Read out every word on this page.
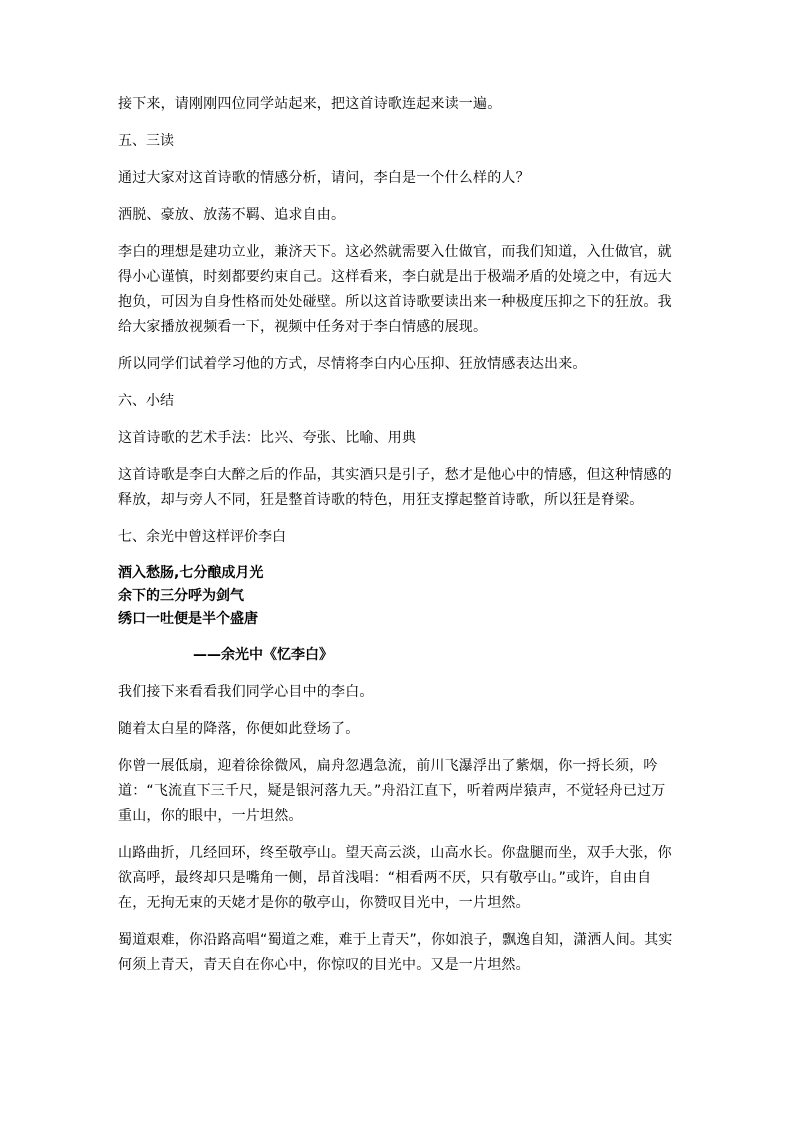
接下来，请刚刚四位同学站起来，把这首诗歌连起来读一遍。

五、三读

通过大家对这首诗歌的情感分析，请问，李白是一个什么样的人？

洒脱、豪放、放荡不羁、追求自由。

李白的理想是建功立业，兼济天下。这必然就需要入仕做官，而我们知道，入仕做官，就得小心谨慎，时刻都要约束自己。这样看来，李白就是出于极端矛盾的处境之中，有远大抱负，可因为自身性格而处处碰壁。所以这首诗歌要读出来一种极度压抑之下的狂放。我给大家播放视频看一下，视频中任务对于李白情感的展现。

所以同学们试着学习他的方式，尽情将李白内心压抑、狂放情感表达出来。

六、小结

这首诗歌的艺术手法：比兴、夸张、比喻、用典

这首诗歌是李白大醉之后的作品，其实酒只是引子，愁才是他心中的情感，但这种情感的释放，却与旁人不同，狂是整首诗歌的特色，用狂支撑起整首诗歌，所以狂是脊梁。

七、余光中曾这样评价李白

酒入愁肠,七分酿成月光

余下的三分呼为剑气

绣口一吐便是半个盛唐

——余光中《忆李白》

我们接下来看看我们同学心目中的李白。

随着太白星的降落，你便如此登场了。

你曾一展低扇，迎着徐徐微风，扁舟忽遇急流，前川飞瀑浮出了紫烟，你一捋长须，吟道：“飞流直下三千尺，疑是银河落九天。”舟沿江直下，听着两岸猿声，不觉轻舟已过万重山，你的眼中，一片坦然。

山路曲折，几经回环，终至敬亭山。望天高云淡，山高水长。你盘腿而坐，双手大张，你欲高呼，最终却只是嘴角一侧，昂首浅唱：“相看两不厌，只有敬亭山。”或许，自由自在，无拘无束的天姥才是你的敬亭山，你赞叹目光中，一片坦然。

蜀道艰难，你沿路高唱“蜀道之难，难于上青天”，你如浪子，飘逸自知，潇洒人间。其实何须上青天，青天自在你心中，你惊叹的目光中。又是一片坦然。
